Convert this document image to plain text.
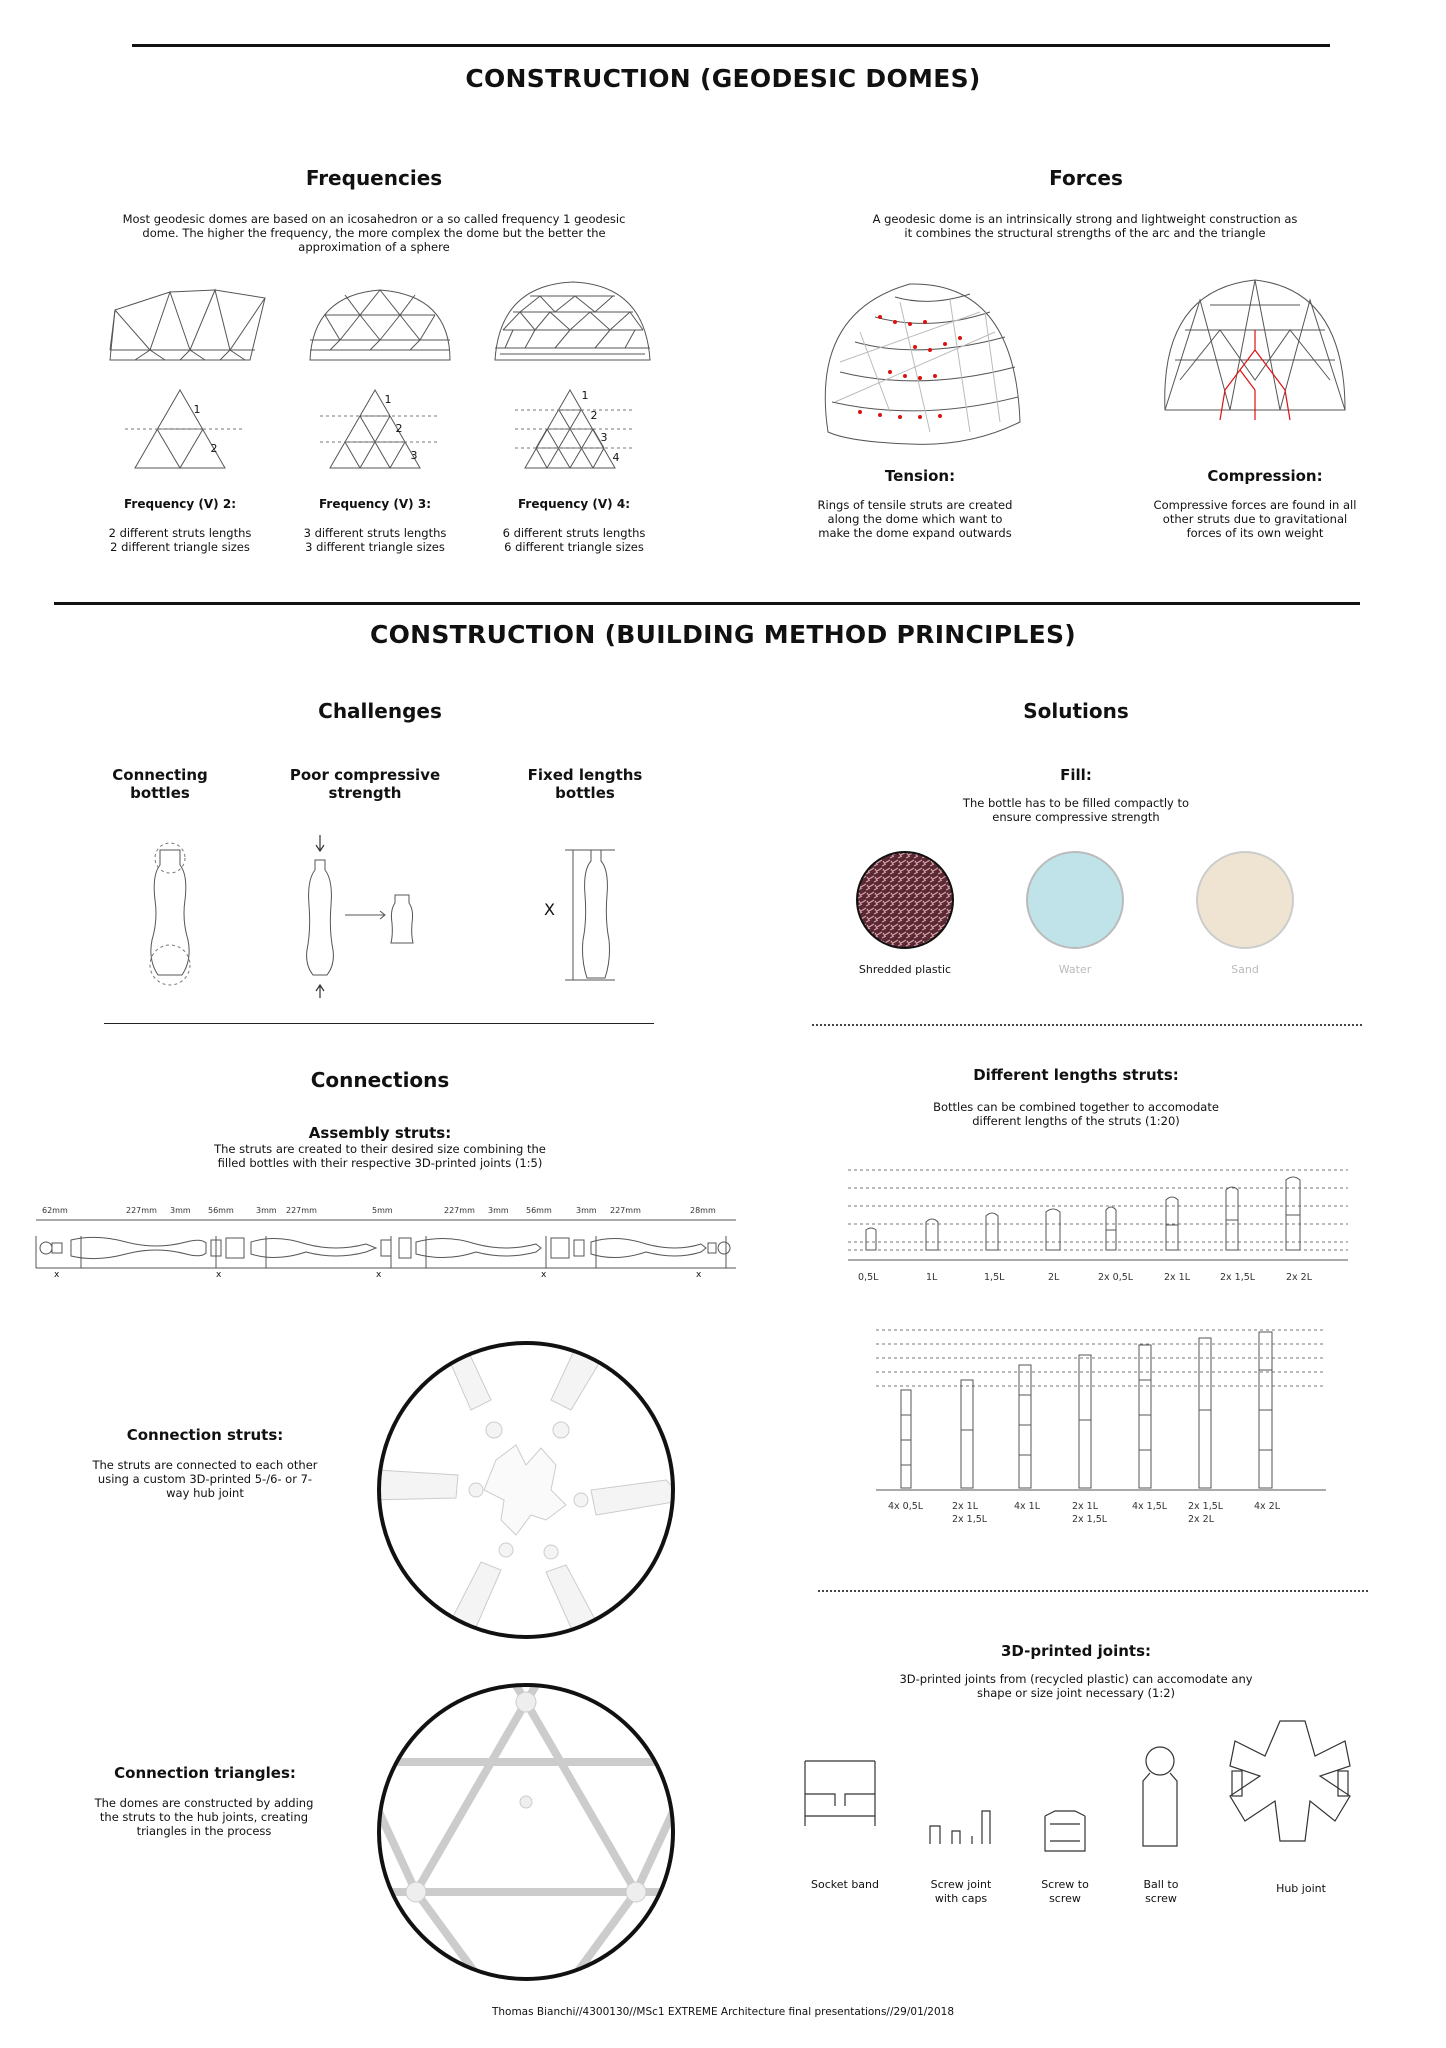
CONSTRUCTION (GEODESIC DOMES)
Frequencies
Most geodesic domes are based on an icosahedron or a so called frequency 1 geodesic dome. The higher the frequency, the more complex the dome but the better the approximation of a sphere
1
2
1
2
3
1
2
3
4
Frequency (V) 2:
2 different struts lengths
2 different triangle sizes
Frequency (V) 3:
3 different struts lengths
3 different triangle sizes
Frequency (V) 4:
6 different struts lengths
6 different triangle sizes
Forces
A geodesic dome is an intrinsically strong and lightweight construction as it combines the structural strengths of the arc and the triangle
Tension:
Rings of tensile struts are created along the dome which want to make the dome expand outwards
Compression:
Compressive forces are found in all other struts due to gravitational forces of its own weight
CONSTRUCTION (BUILDING METHOD PRINCIPLES)
Challenges
Connecting bottles
Poor compressive strength
Fixed lengths bottles
X
Solutions
Fill:
The bottle has to be filled compactly to ensure compressive strength
Shredded plastic	Water	Sand
Connections
Assembly struts:
The struts are created to their desired size combining the filled bottles with their respective 3D-printed joints (1:5)
62mm	227mm 3mm 56mm	3mm 227mm	5mm	227mm 3mm 56mm	3mm 227mm	28mm
x	x	x	x	x
Connection struts:
The struts are connected to each other using a custom 3D-printed 5-/6- or 7-way hub joint
Connection triangles:
The domes are constructed by adding the struts to the hub joints, creating triangles in the process
Different lengths struts:
Bottles can be combined together to accomodate different lengths of the struts (1:20)
0,5L	1L	1,5L	2L	2x 0,5L	2x 1L	2x 1,5L	2x 2L
4x 0,5L	2x 1L
2x 1,5L
4x 1L	2x 1L
2x 1,5L
4x 1,5L 2x 1,5L
2x 2L
4x 2L
3D-printed joints:
3D-printed joints from (recycled plastic) can accomodate any shape or size joint necessary (1:2)
Socket band	Screw joint
with caps
Screw to
screw
Ball to
screw
Hub joint
Thomas Bianchi//4300130//MSc1 EXTREME Architecture final presentations//29/01/2018
